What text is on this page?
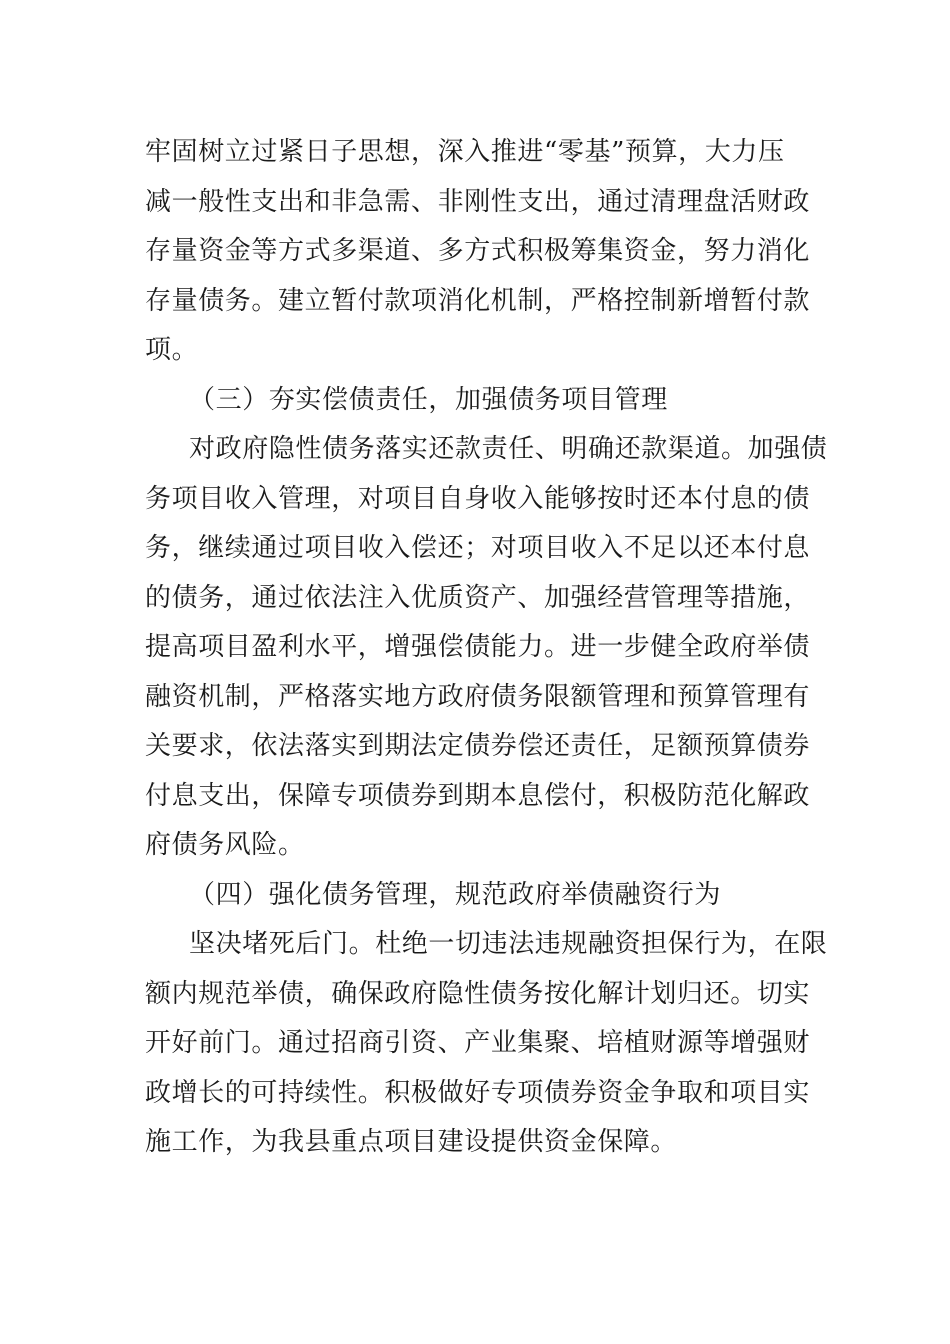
牢固树立过紧日子思想，深入推进“零基”预算，大力压
减一般性支出和非急需、非刚性支出，通过清理盘活财政
存量资金等方式多渠道、多方式积极筹集资金，努力消化
存量债务。建立暂付款项消化机制，严格控制新增暂付款
项。
（三）夯实偿债责任，加强债务项目管理
对政府隐性债务落实还款责任、明确还款渠道。加强债
务项目收入管理，对项目自身收入能够按时还本付息的债
务，继续通过项目收入偿还；对项目收入不足以还本付息
的债务，通过依法注入优质资产、加强经营管理等措施，
提高项目盈利水平，增强偿债能力。进一步健全政府举债
融资机制，严格落实地方政府债务限额管理和预算管理有
关要求，依法落实到期法定债券偿还责任，足额预算债券
付息支出，保障专项债券到期本息偿付，积极防范化解政
府债务风险。
（四）强化债务管理，规范政府举债融资行为
坚决堵死后门。杜绝一切违法违规融资担保行为，在限
额内规范举债，确保政府隐性债务按化解计划归还。切实
开好前门。通过招商引资、产业集聚、培植财源等增强财
政增长的可持续性。积极做好专项债券资金争取和项目实
施工作，为我县重点项目建设提供资金保障。
